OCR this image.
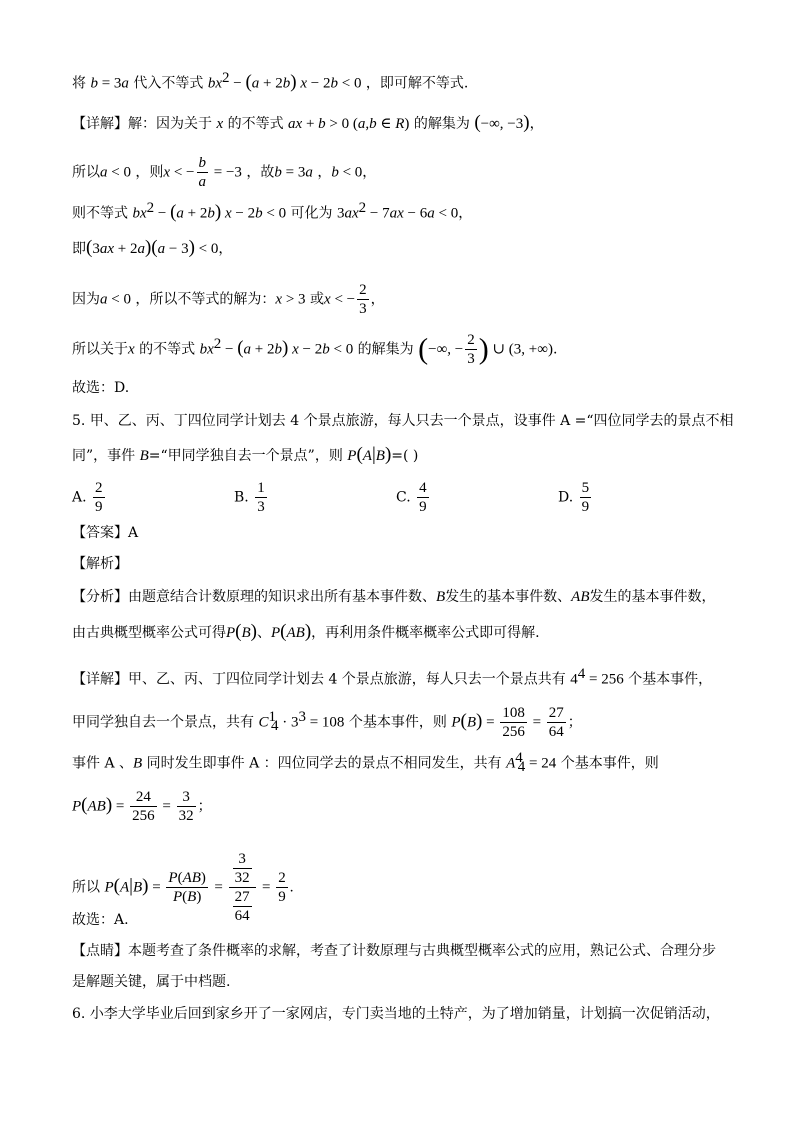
将 b = 3a 代入不等式 $bx^2 - (a + 2b) x - 2b < 0$ ，即可解不等式.
【详解】解：因为关于 x 的不等式 ax + b > 0 (a,b ∈ R) 的解集为 (−∞, −3)，
所以a < 0 ，则x < − $\frac{b}{a} = -3$ ，故b = 3a ，b < 0，
则不等式 $bx^2 - (a + 2b) x - 2b < 0$ 可化为 $3ax^2 - 7ax - 6a < 0$，
即(3ax + 2a)(a − 3) < 0，
因为a < 0 ，所以不等式的解为：x > 3 或x < − $\frac{2}{3}$ ，
所以关于x 的不等式 $bx^2 - (a + 2b) x - 2b < 0$ 的解集为 (−∞, − $\frac{2}{3}$ ) ∪ (3, +∞).
故选：D.
5. 甲、乙、丙、丁四位同学计划去 4 个景点旅游，每人只去一个景点，设事件 A =“四位同学去的景点不相
同”，事件 B=“甲同学独自去一个景点”，则 P(A|B)=( )
A. $\frac{2}{9}$	B. $\frac{1}{3}$	C. $\frac{4}{9}$	D. $\frac{5}{9}$
【答案】A
【解析】
【分析】由题意结合计数原理的知识求出所有基本事件数、B发生的基本事件数、AB发生的基本事件数，
由古典概型概率公式可得P(B)、P(AB)，再利用条件概率概率公式即可得解.
【详解】甲、乙、丙、丁四位同学计划去 4 个景点旅游，每人只去一个景点共有 $4^4 = 256$ 个基本事件，
甲同学独自去一个景点，共有 $C^1_4 \cdot 3^3 = 108$ 个基本事件，则 $P(B) = \frac{108}{256} = \frac{27}{64}$ ；
事件 A 、B 同时发生即事件 A ：四位同学去的景点不相同发生，共有 $A^4_4 = 24$ 个基本事件，则
$P(AB) = \frac{24}{256} = \frac{3}{32}$ ；
所以 $P(A|B) = \frac{P(AB)}{P(B)} = \frac{\frac{3}{32}}{\frac{27}{64}} = \frac{2}{9}$ .
故选：A.
【点睛】本题考查了条件概率的求解，考查了计数原理与古典概型概率公式的应用，熟记公式、合理分步
是解题关键，属于中档题.
6. 小李大学毕业后回到家乡开了一家网店，专门卖当地的土特产，为了增加销量，计划搞一次促销活动，
